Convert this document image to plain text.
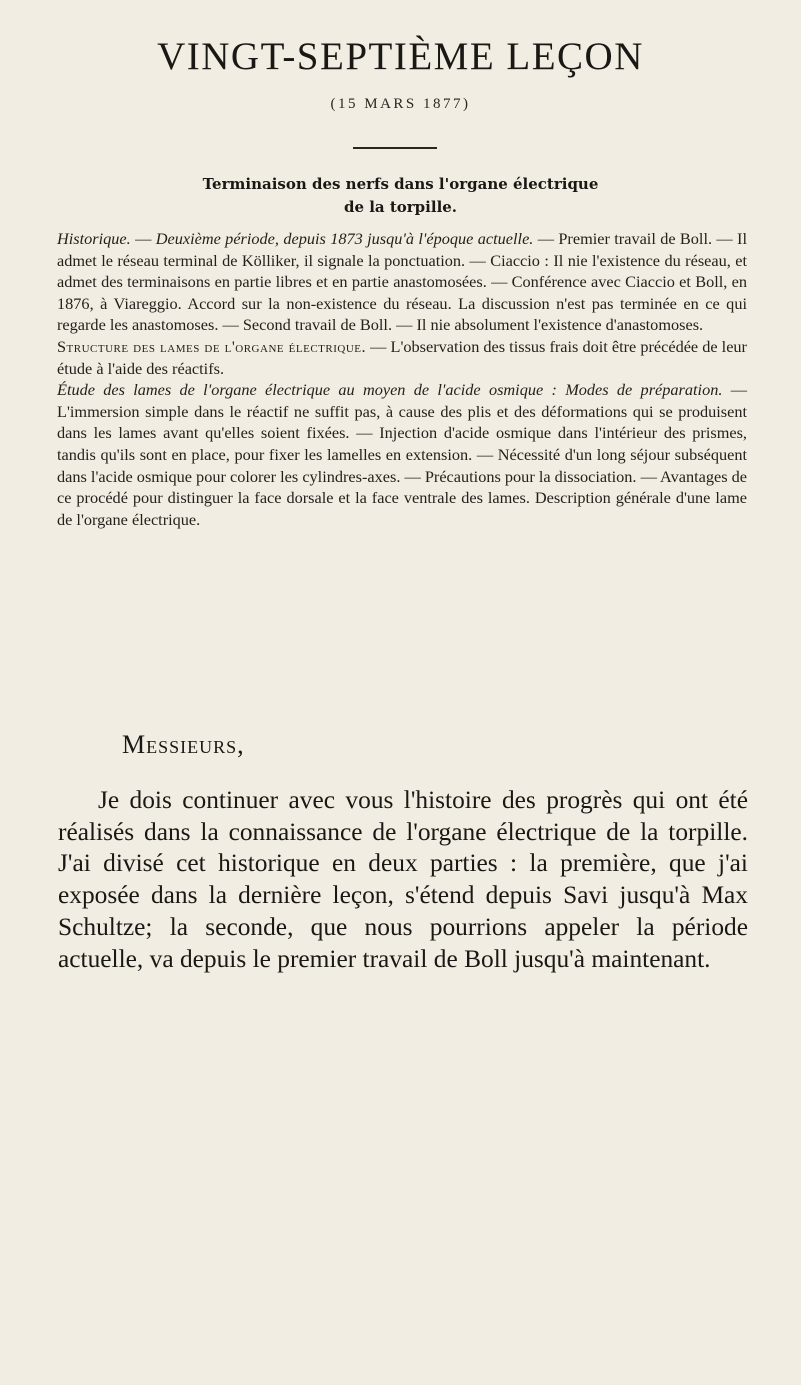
VINGT-SEPTIÈME LEÇON
(15 MARS 1877)
Terminaison des nerfs dans l'organe électrique
de la torpille.

Historique. — Deuxième période, depuis 1873 jusqu'à l'époque actuelle. — Premier travail de Boll. — Il admet le réseau terminal de Kölliker, il signale la ponctuation. — Ciaccio : Il nie l'existence du réseau, et admet des terminaisons en partie libres et en partie anastomosées. — Conférence avec Ciaccio et Boll, en 1876, à Viareggio. Accord sur la non-existence du réseau. La discussion n'est pas terminée en ce qui regarde les anastomoses. — Second travail de Boll. — Il nie absolument l'existence d'anastomoses.

Structure des lames de l'organe électrique. — L'observation des tissus frais doit être précédée de leur étude à l'aide des réactifs.

Étude des lames de l'organe électrique au moyen de l'acide osmique : Modes de préparation. — L'immersion simple dans le réactif ne suffit pas, à cause des plis et des déformations qui se produisent dans les lames avant qu'elles soient fixées. — Injection d'acide osmique dans l'intérieur des prismes, tandis qu'ils sont en place, pour fixer les lamelles en extension. — Nécessité d'un long séjour subséquent dans l'acide osmique pour colorer les cylindres-axes. — Précautions pour la dissociation. — Avantages de ce procédé pour distinguer la face dorsale et la face ventrale des lames. Description générale d'une lame de l'organe électrique.

Messieurs,

Je dois continuer avec vous l'histoire des progrès qui ont été réalisés dans la connaissance de l'organe électrique de la torpille. J'ai divisé cet historique en deux parties : la première, que j'ai exposée dans la dernière leçon, s'étend depuis Savi jusqu'à Max Schultze; la seconde, que nous pourrions appeler la période actuelle, va depuis le premier travail de Boll jusqu'à maintenant.
